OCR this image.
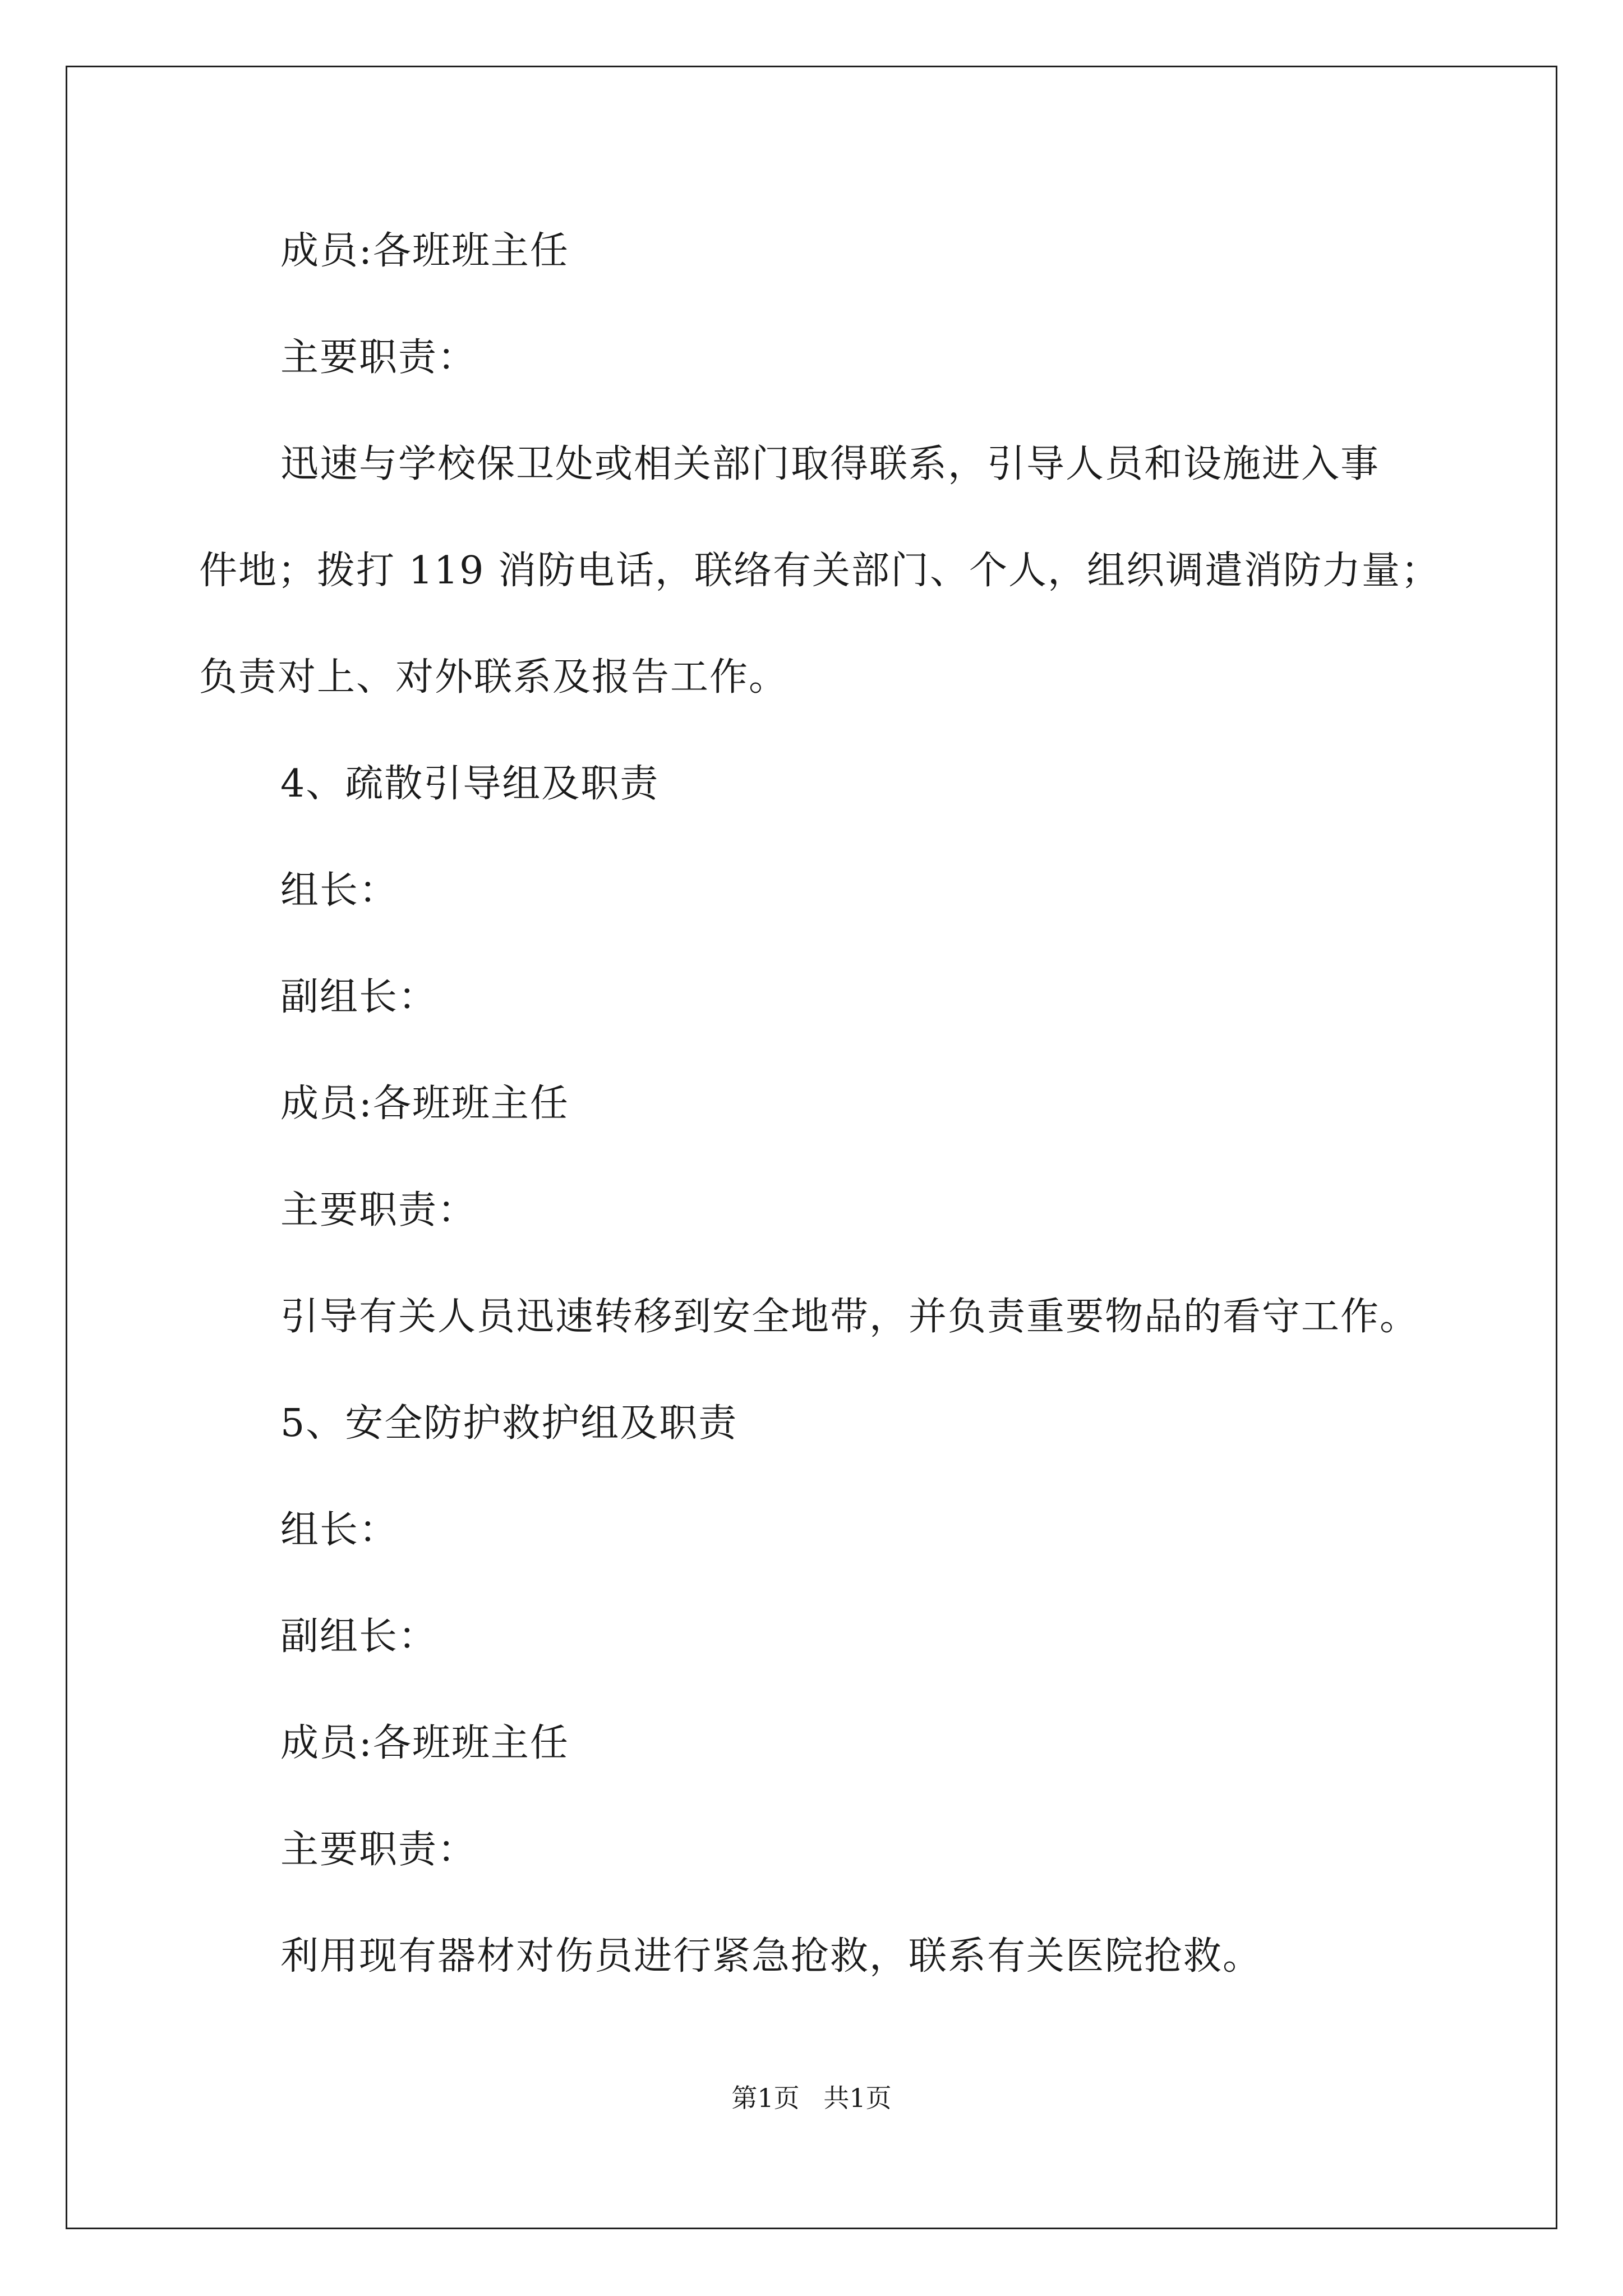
成员:各班班主任

主要职责：

迅速与学校保卫处或相关部门取得联系，引导人员和设施进入事

件地；拨打 119 消防电话，联络有关部门、个人，组织调遣消防力量；

负责对上、对外联系及报告工作。

4、疏散引导组及职责

组长：

副组长：

成员:各班班主任

主要职责：

引导有关人员迅速转移到安全地带，并负责重要物品的看守工作。

5、安全防护救护组及职责

组长：

副组长：

成员:各班班主任

主要职责：

利用现有器材对伤员进行紧急抢救，联系有关医院抢救。

第1页 共1页
